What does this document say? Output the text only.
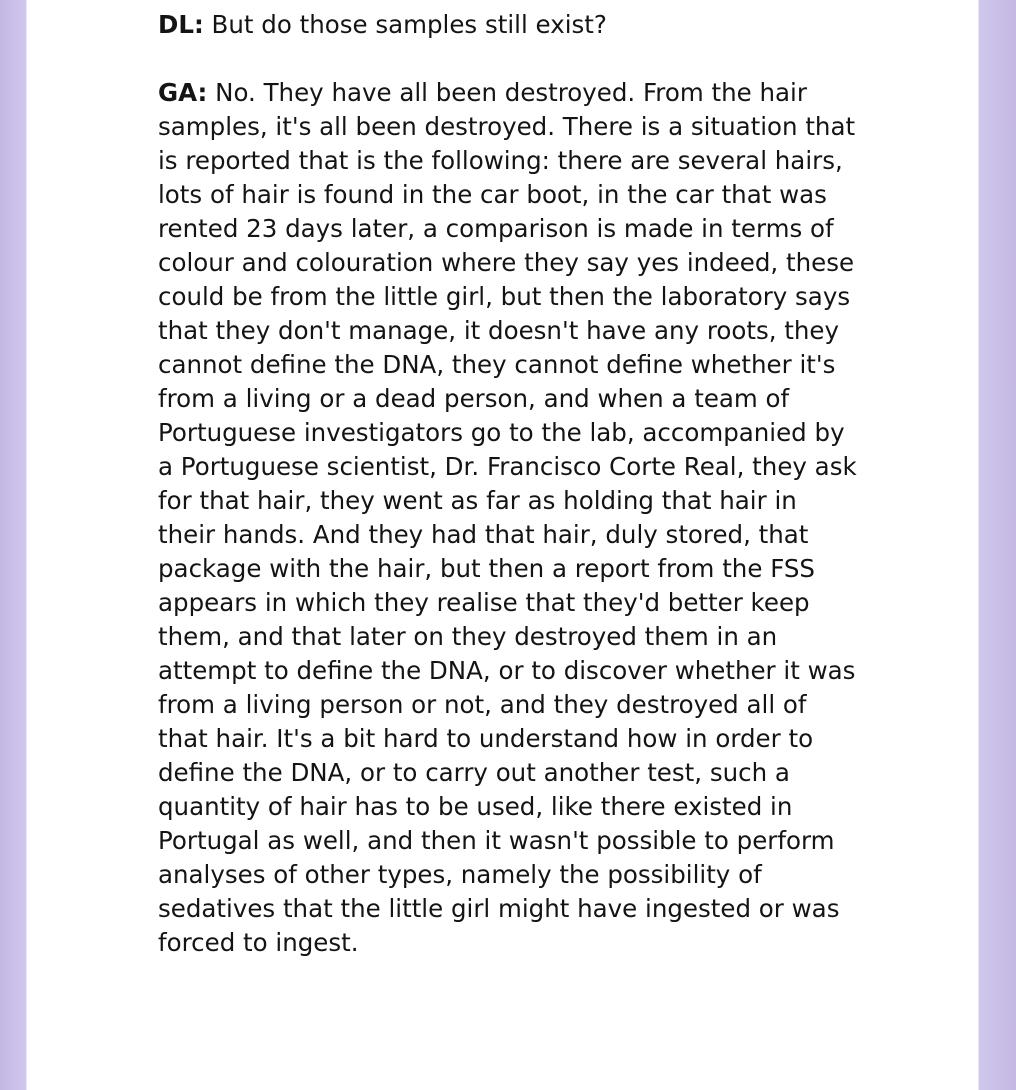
DL: But do those samples still exist?

GA: No. They have all been destroyed. From the hair samples, it's all been destroyed. There is a situation that is reported that is the following: there are several hairs, lots of hair is found in the car boot, in the car that was rented 23 days later, a comparison is made in terms of colour and colouration where they say yes indeed, these could be from the little girl, but then the laboratory says that they don't manage, it doesn't have any roots, they cannot define the DNA, they cannot define whether it's from a living or a dead person, and when a team of Portuguese investigators go to the lab, accompanied by a Portuguese scientist, Dr. Francisco Corte Real, they ask for that hair, they went as far as holding that hair in their hands. And they had that hair, duly stored, that package with the hair, but then a report from the FSS appears in which they realise that they'd better keep them, and that later on they destroyed them in an attempt to define the DNA, or to discover whether it was from a living person or not, and they destroyed all of that hair. It's a bit hard to understand how in order to define the DNA, or to carry out another test, such a quantity of hair has to be used, like there existed in Portugal as well, and then it wasn't possible to perform analyses of other types, namely the possibility of sedatives that the little girl might have ingested or was forced to ingest.
